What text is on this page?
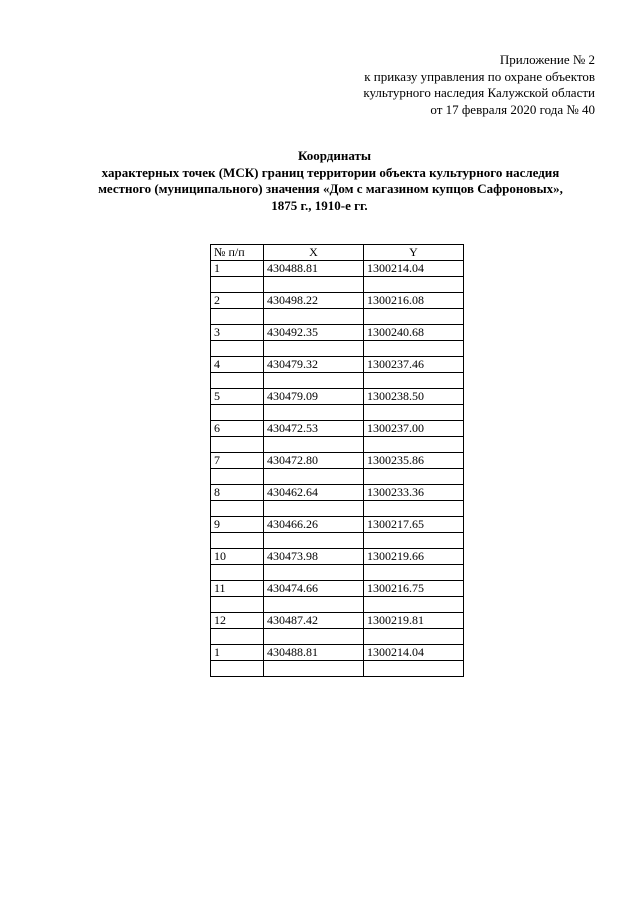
Приложение № 2
к приказу управления по охране объектов
культурного наследия Калужской области
от 17 февраля 2020 года № 40
Координаты
характерных точек (МСК) границ территории объекта культурного наследия
местного (муниципального) значения «Дом с магазином купцов Сафроновых»,
1875 г., 1910-е гг.
№ п/п	X	Y
1	430488.81	1300214.04

2	430498.22	1300216.08

3	430492.35	1300240.68

4	430479.32	1300237.46

5	430479.09	1300238.50

6	430472.53	1300237.00

7	430472.80	1300235.86

8	430462.64	1300233.36

9	430466.26	1300217.65

10	430473.98	1300219.66

11	430474.66	1300216.75

12	430487.42	1300219.81

1	430488.81	1300214.04
